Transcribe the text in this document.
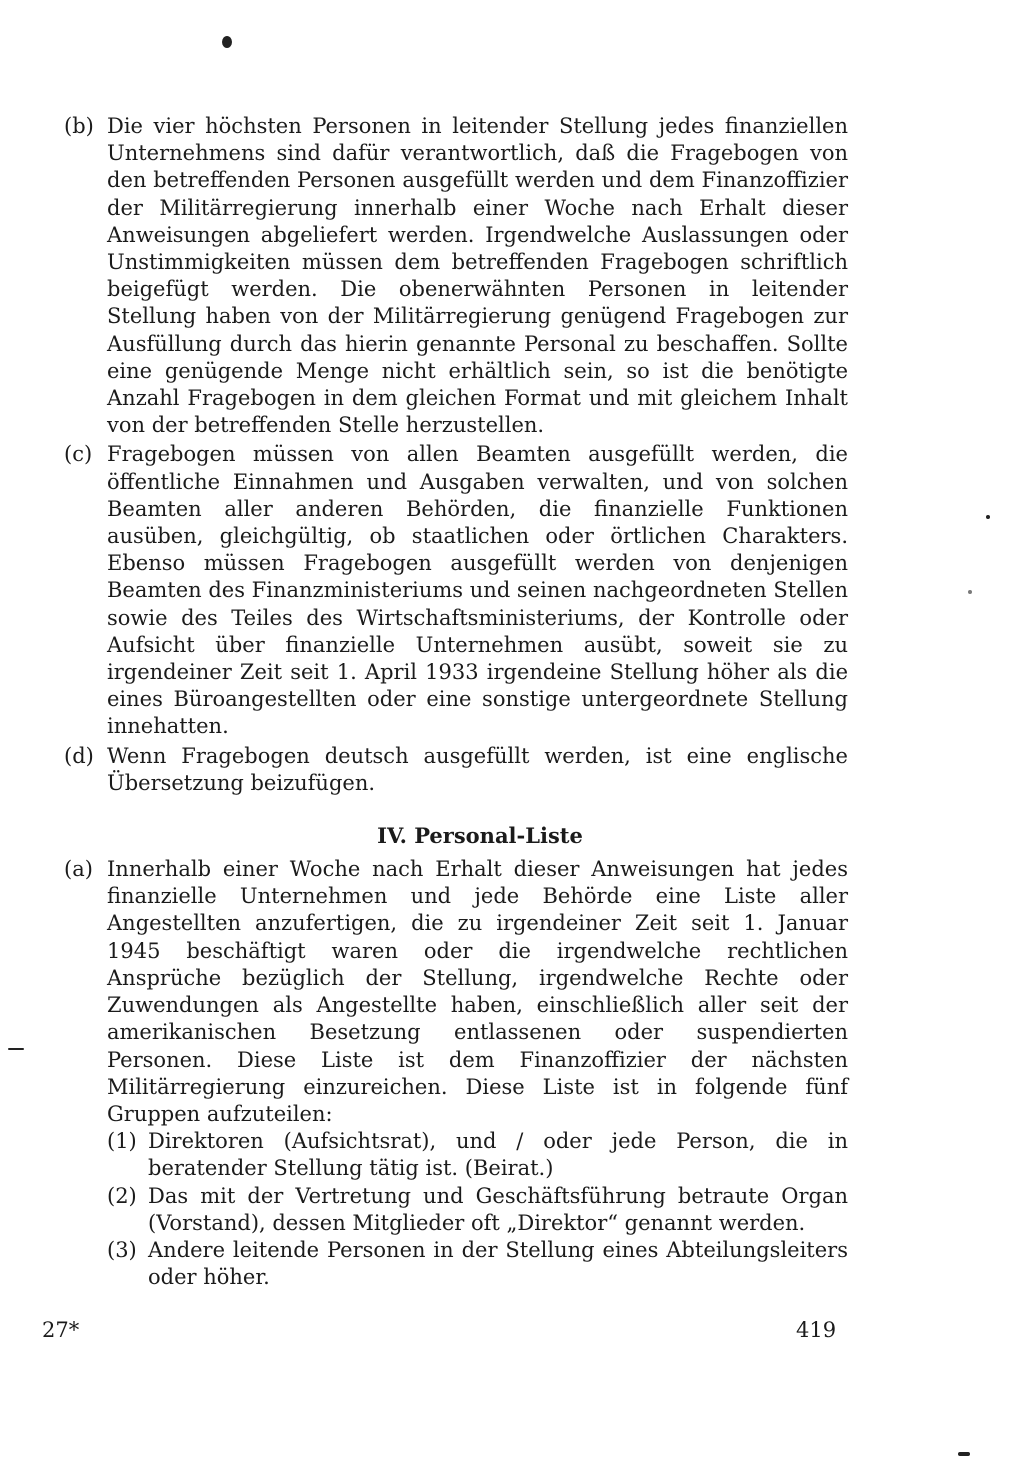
(b) Die vier höchsten Personen in leitender Stellung jedes finanziellen Unternehmens sind dafür verantwortlich, daß die Fragebogen von den betreffenden Personen ausgefüllt werden und dem Finanzoffizier der Militärregierung innerhalb einer Woche nach Erhalt dieser Anweisungen abgeliefert werden. Irgendwelche Auslassungen oder Unstimmigkeiten müssen dem betreffenden Fragebogen schriftlich beigefügt werden. Die obenerwähnten Personen in leitender Stellung haben von der Militärregierung genügend Fragebogen zur Ausfüllung durch das hierin genannte Personal zu beschaffen. Sollte eine genügende Menge nicht erhältlich sein, so ist die benötigte Anzahl Fragebogen in dem gleichen Format und mit gleichem Inhalt von der betreffenden Stelle herzustellen.
(c) Fragebogen müssen von allen Beamten ausgefüllt werden, die öffentliche Einnahmen und Ausgaben verwalten, und von solchen Beamten aller anderen Behörden, die finanzielle Funktionen ausüben, gleichgültig, ob staatlichen oder örtlichen Charakters. Ebenso müssen Fragebogen ausgefüllt werden von denjenigen Beamten des Finanzministeriums und seinen nachgeordneten Stellen sowie des Teiles des Wirtschaftsministeriums, der Kontrolle oder Aufsicht über finanzielle Unternehmen ausübt, soweit sie zu irgendeiner Zeit seit 1. April 1933 irgendeine Stellung höher als die eines Büroangestellten oder eine sonstige untergeordnete Stellung innehatten.
(d) Wenn Fragebogen deutsch ausgefüllt werden, ist eine englische Übersetzung beizufügen.
IV. Personal-Liste
(a) Innerhalb einer Woche nach Erhalt dieser Anweisungen hat jedes finanzielle Unternehmen und jede Behörde eine Liste aller Angestellten anzufertigen, die zu irgendeiner Zeit seit 1. Januar 1945 beschäftigt waren oder die irgendwelche rechtlichen Ansprüche bezüglich der Stellung, irgendwelche Rechte oder Zuwendungen als Angestellte haben, einschließlich aller seit der amerikanischen Besetzung entlassenen oder suspendierten Personen. Diese Liste ist dem Finanzoffizier der nächsten Militärregierung einzureichen. Diese Liste ist in folgende fünf Gruppen aufzuteilen:
(1) Direktoren (Aufsichtsrat), und / oder jede Person, die in beratender Stellung tätig ist. (Beirat.)
(2) Das mit der Vertretung und Geschäftsführung betraute Organ (Vorstand), dessen Mitglieder oft „Direktor“ genannt werden.
(3) Andere leitende Personen in der Stellung eines Abteilungsleiters oder höher.
27*	419
